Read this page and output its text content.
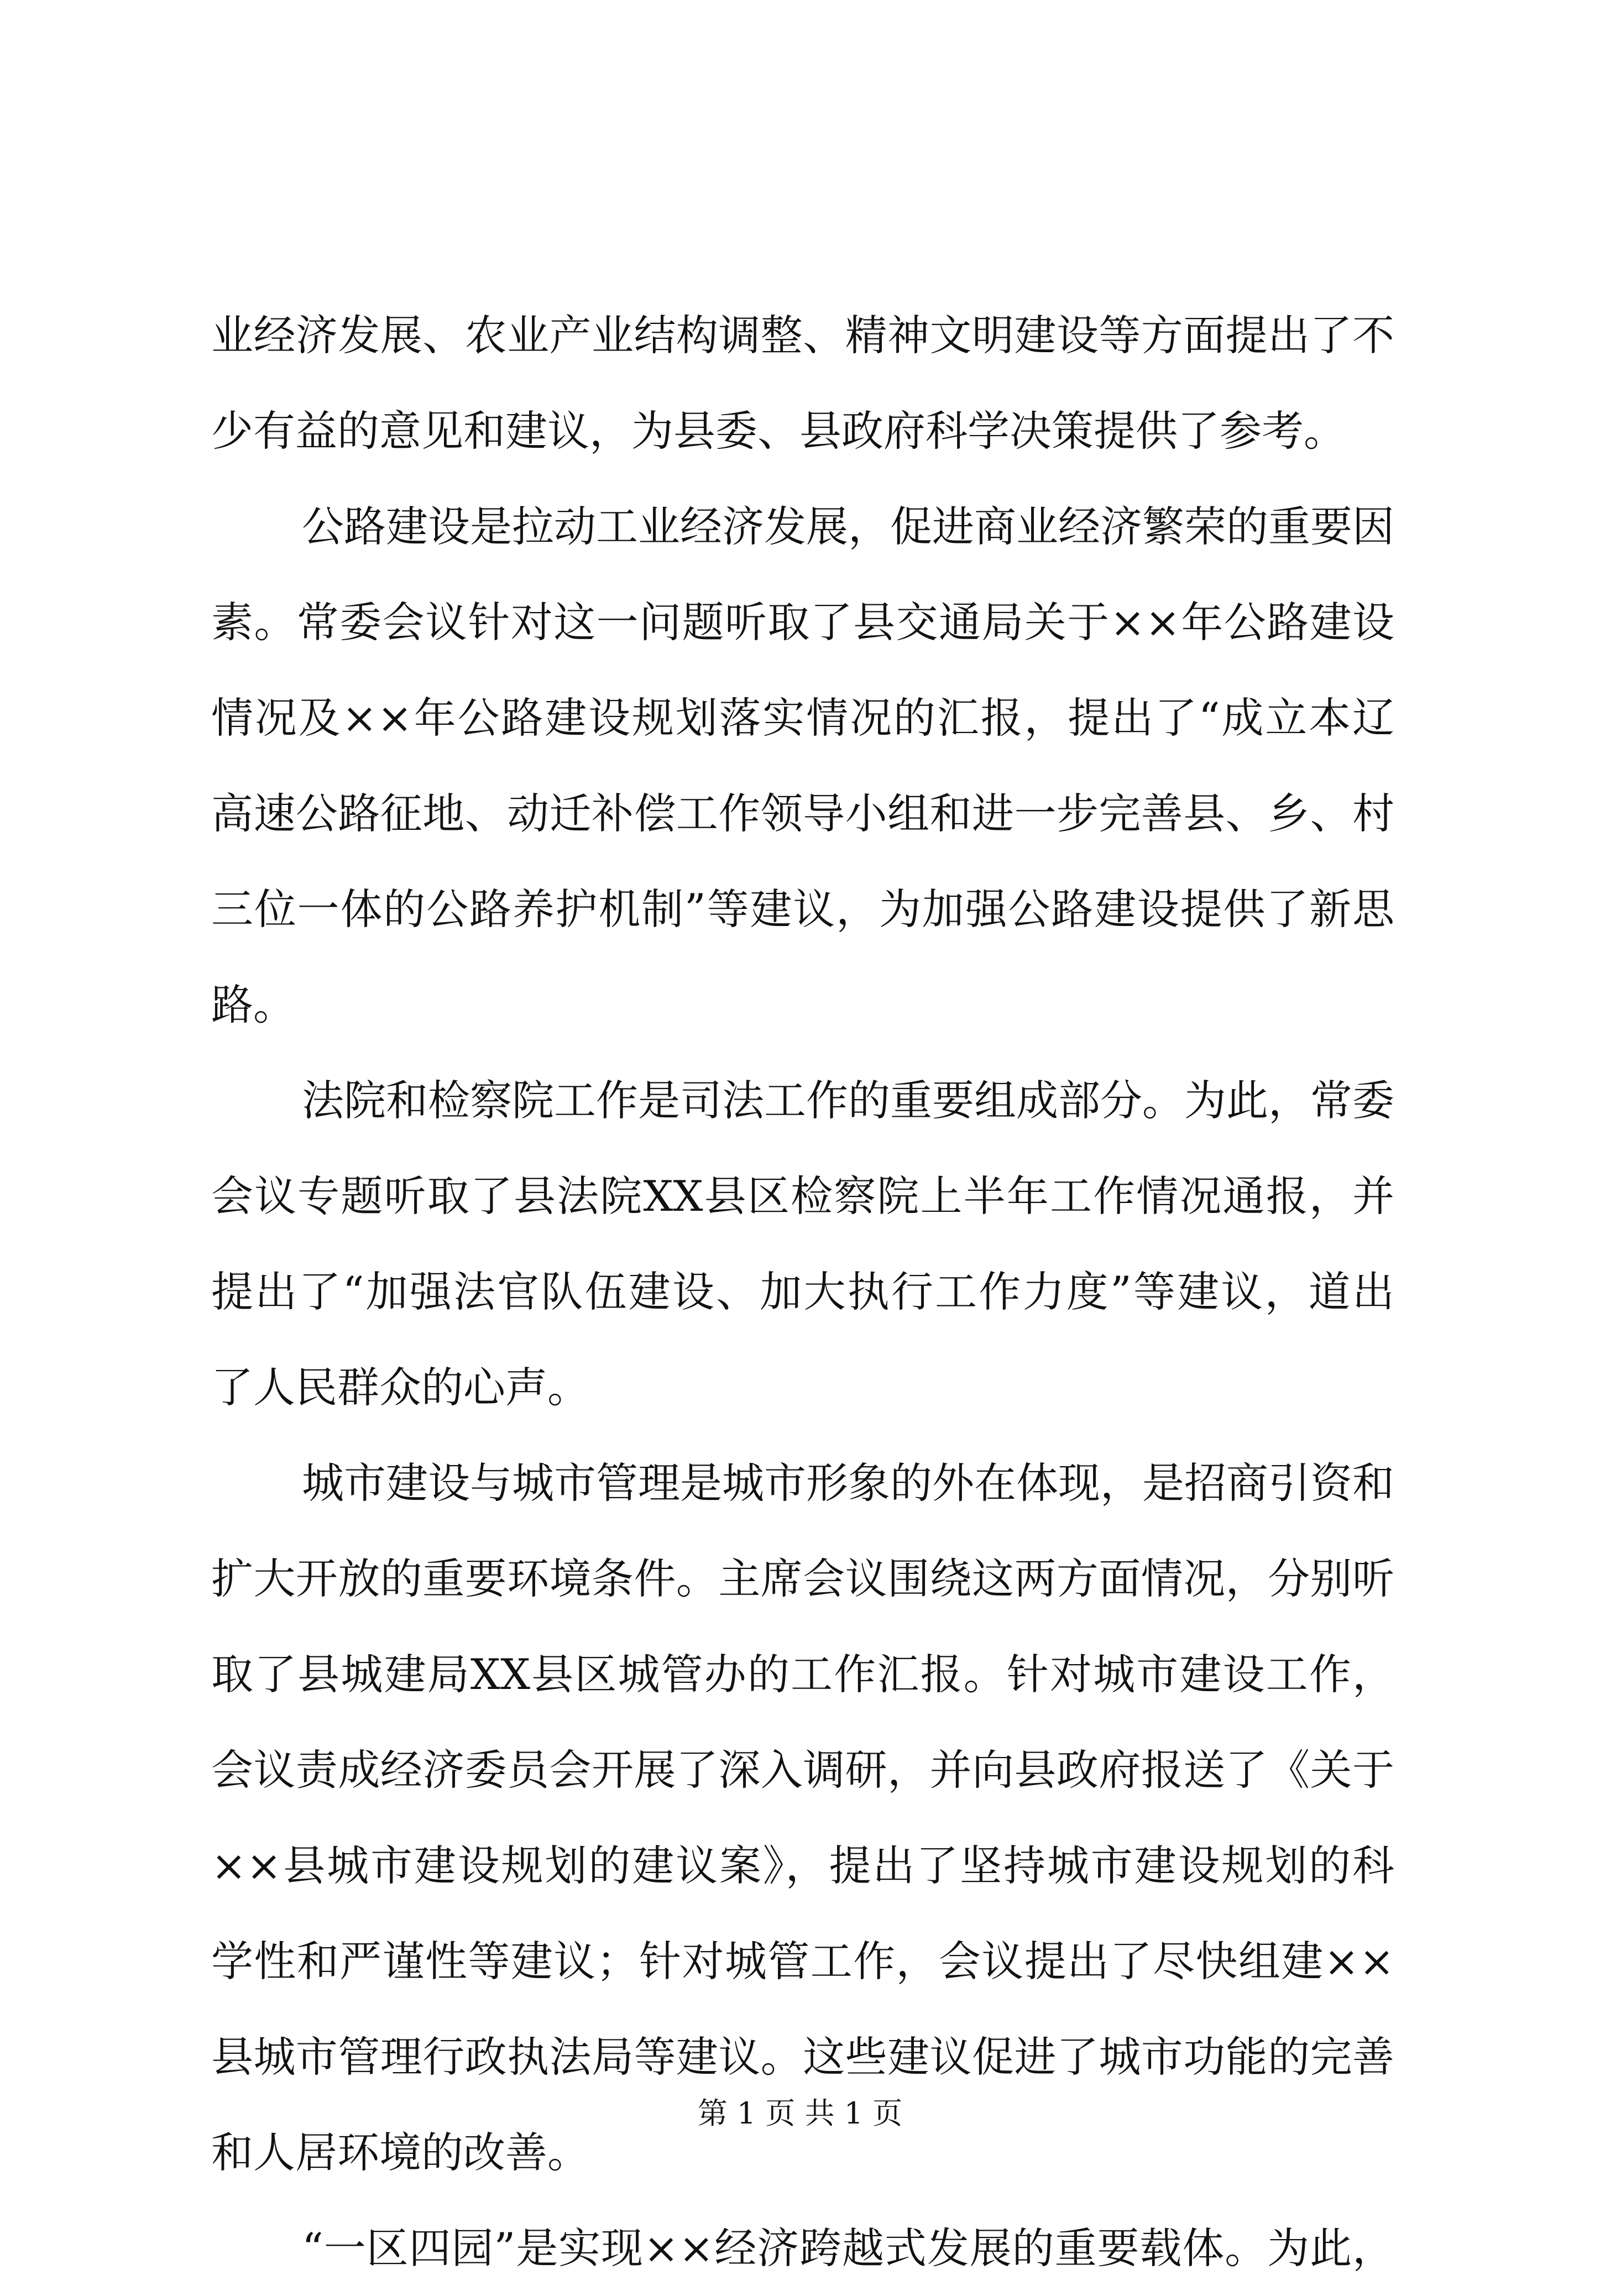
业经济发展、农业产业结构调整、精神文明建设等方面提出了不
少有益的意见和建议，为县委、县政府科学决策提供了参考。
公路建设是拉动工业经济发展，促进商业经济繁荣的重要因
素。常委会议针对这一问题听取了县交通局关于××年公路建设
情况及××年公路建设规划落实情况的汇报，提出了“成立本辽
高速公路征地、动迁补偿工作领导小组和进一步完善县、乡、村
三位一体的公路养护机制”等建议，为加强公路建设提供了新思
路。
法院和检察院工作是司法工作的重要组成部分。为此，常委
会议专题听取了县法院XX县区检察院上半年工作情况通报，并
提出了“加强法官队伍建设、加大执行工作力度”等建议，道出
了人民群众的心声。
城市建设与城市管理是城市形象的外在体现，是招商引资和
扩大开放的重要环境条件。主席会议围绕这两方面情况，分别听
取了县城建局XX县区城管办的工作汇报。针对城市建设工作，
会议责成经济委员会开展了深入调研，并向县政府报送了《关于
××县城市建设规划的建议案》，提出了坚持城市建设规划的科
学性和严谨性等建议；针对城管工作，会议提出了尽快组建××
县城市管理行政执法局等建议。这些建议促进了城市功能的完善
和人居环境的改善。
“一区四园”是实现××经济跨越式发展的重要载体。为此，
第 1 页 共 1 页
